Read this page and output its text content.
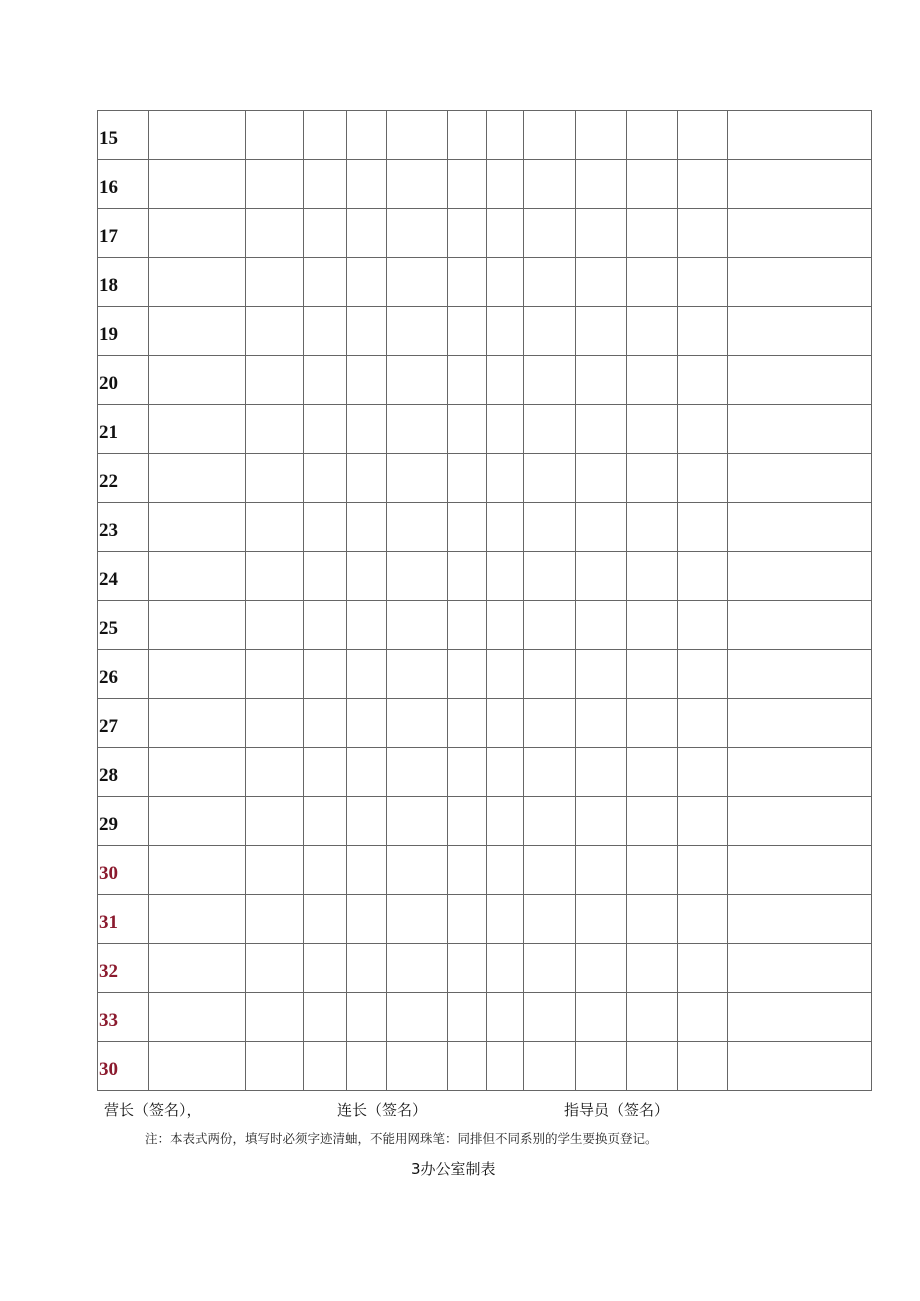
15												
16												
17												
18												
19												
20												
21												
22												
23												
24												
25												
26												
27												
28												
29												
30												
31												
32												
33												
30												
营长（签名），	连长（签名）	指导员（签名）
注：本表式两份，填写时必须字迹清蚰，不能用网珠笔：同排但不同系别的学生要换页登记。
3办公室制表
